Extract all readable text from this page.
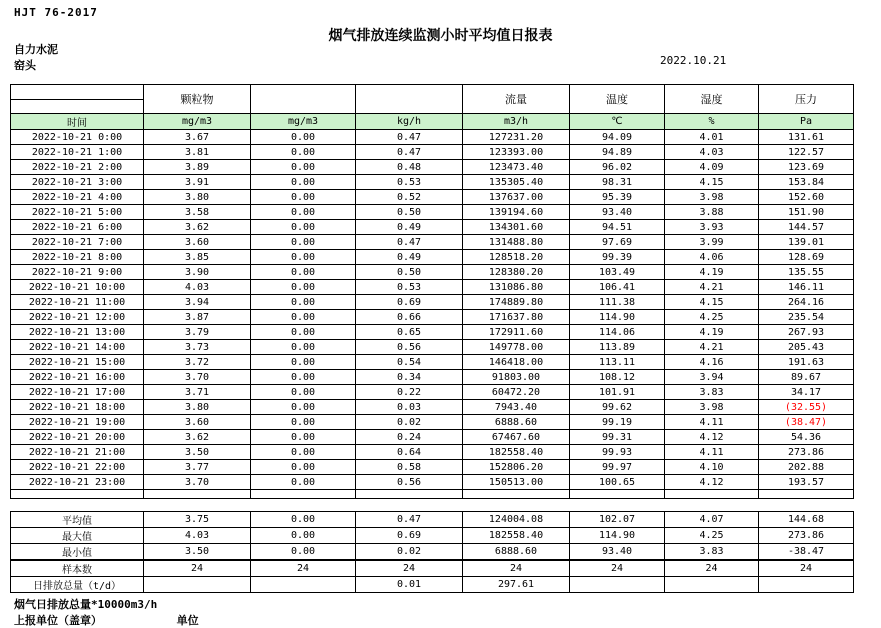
HJT 76-2017
烟气排放连续监测小时平均值日报表
自力水泥
窑头	2022.10.21
	颗粒物			流量	温度	湿度	压力

时间	mg/m3	mg/m3	kg/h	m3/h	℃	%	Pa
2022-10-21 0:00	3.67	0.00	0.47	127231.20	94.09	4.01	131.61
2022-10-21 1:00	3.81	0.00	0.47	123393.00	94.89	4.03	122.57
2022-10-21 2:00	3.89	0.00	0.48	123473.40	96.02	4.09	123.69
2022-10-21 3:00	3.91	0.00	0.53	135305.40	98.31	4.15	153.84
2022-10-21 4:00	3.80	0.00	0.52	137637.00	95.39	3.98	152.60
2022-10-21 5:00	3.58	0.00	0.50	139194.60	93.40	3.88	151.90
2022-10-21 6:00	3.62	0.00	0.49	134301.60	94.51	3.93	144.57
2022-10-21 7:00	3.60	0.00	0.47	131488.80	97.69	3.99	139.01
2022-10-21 8:00	3.85	0.00	0.49	128518.20	99.39	4.06	128.69
2022-10-21 9:00	3.90	0.00	0.50	128380.20	103.49	4.19	135.55
2022-10-21 10:00	4.03	0.00	0.53	131086.80	106.41	4.21	146.11
2022-10-21 11:00	3.94	0.00	0.69	174889.80	111.38	4.15	264.16
2022-10-21 12:00	3.87	0.00	0.66	171637.80	114.90	4.25	235.54
2022-10-21 13:00	3.79	0.00	0.65	172911.60	114.06	4.19	267.93
2022-10-21 14:00	3.73	0.00	0.56	149778.00	113.89	4.21	205.43
2022-10-21 15:00	3.72	0.00	0.54	146418.00	113.11	4.16	191.63
2022-10-21 16:00	3.70	0.00	0.34	91803.00	108.12	3.94	89.67
2022-10-21 17:00	3.71	0.00	0.22	60472.20	101.91	3.83	34.17
2022-10-21 18:00	3.80	0.00	0.03	7943.40	99.62	3.98	(32.55)
2022-10-21 19:00	3.60	0.00	0.02	6888.60	99.19	4.11	(38.47)
2022-10-21 20:00	3.62	0.00	0.24	67467.60	99.31	4.12	54.36
2022-10-21 21:00	3.50	0.00	0.64	182558.40	99.93	4.11	273.86
2022-10-21 22:00	3.77	0.00	0.58	152806.20	99.97	4.10	202.88
2022-10-21 23:00	3.70	0.00	0.56	150513.00	100.65	4.12	193.57

平均值	3.75	0.00	0.47	124004.08	102.07	4.07	144.68
最大值	4.03	0.00	0.69	182558.40	114.90	4.25	273.86
最小值	3.50	0.00	0.02	6888.60	93.40	3.83	-38.47
样本数	24	24	24	24	24	24	24
日排放总量（t/d）			0.01	297.61			
烟气日排放总量*10000m3/h
上报单位（盖章）	单位
